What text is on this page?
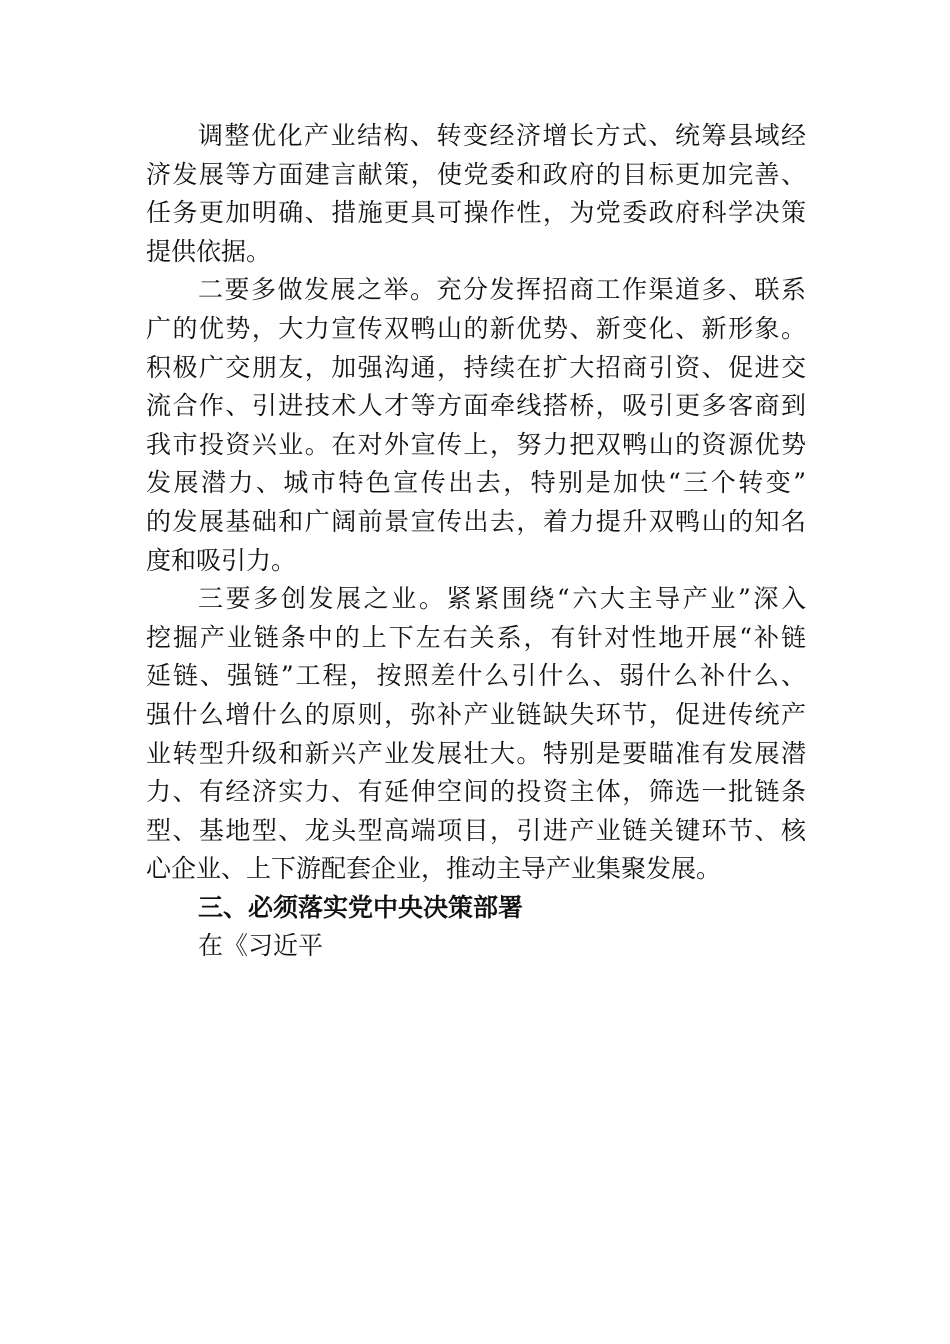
调整优化产业结构、转变经济增长方式、统筹县域经
济发展等方面建言献策，使党委和政府的目标更加完善、
任务更加明确、措施更具可操作性，为党委政府科学决策
提供依据。
二要多做发展之举。充分发挥招商工作渠道多、联系
广的优势，大力宣传双鸭山的新优势、新变化、新形象。
积极广交朋友，加强沟通，持续在扩大招商引资、促进交
流合作、引进技术人才等方面牵线搭桥，吸引更多客商到
我市投资兴业。在对外宣传上，努力把双鸭山的资源优势
发展潜力、城市特色宣传出去，特别是加快“三个转变”
的发展基础和广阔前景宣传出去，着力提升双鸭山的知名
度和吸引力。
三要多创发展之业。紧紧围绕“六大主导产业”深入
挖掘产业链条中的上下左右关系，有针对性地开展“补链
延链、强链”工程，按照差什么引什么、弱什么补什么、
强什么增什么的原则，弥补产业链缺失环节，促进传统产
业转型升级和新兴产业发展壮大。特别是要瞄准有发展潜
力、有经济实力、有延伸空间的投资主体，筛选一批链条
型、基地型、龙头型高端项目，引进产业链关键环节、核
心企业、上下游配套企业，推动主导产业集聚发展。
三、必须落实党中央决策部署
在《习近平
